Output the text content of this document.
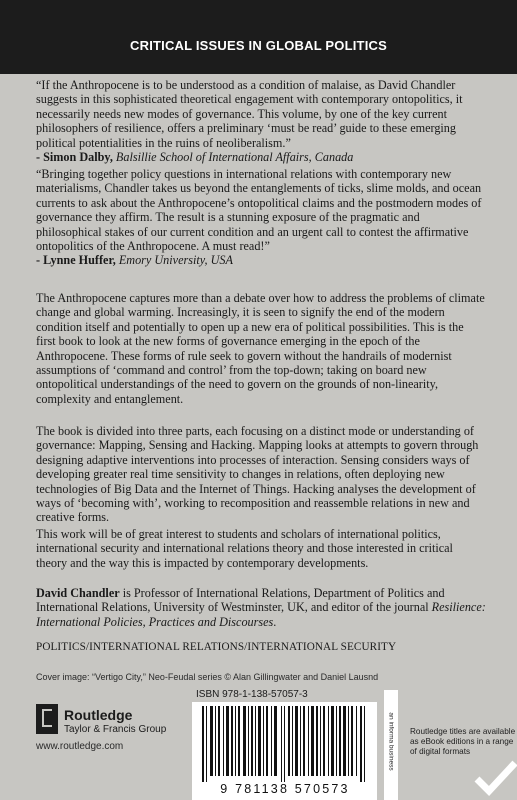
CRITICAL ISSUES IN GLOBAL POLITICS

“If the Anthropocene is to be understood as a condition of malaise, as David Chandler suggests in this sophisticated theoretical engagement with contemporary ontopolitics, it necessarily needs new modes of governance. This volume, by one of the key current philosophers of resilience, offers a preliminary ‘must be read’ guide to these emerging political potentialities in the ruins of neoliberalism.”

- Simon Dalby, Balsillie School of International Affairs, Canada

“Bringing together policy questions in international relations with contemporary new materialisms, Chandler takes us beyond the entanglements of ticks, slime molds, and ocean currents to ask about the Anthropocene’s ontopolitical claims and the postmodern modes of governance they affirm. The result is a stunning exposure of the pragmatic and philosophical stakes of our current condition and an urgent call to contest the affirmative ontopolitics of the Anthropocene. A must read!”

- Lynne Huffer, Emory University, USA

The Anthropocene captures more than a debate over how to address the problems of climate change and global warming. Increasingly, it is seen to signify the end of the modern condition itself and potentially to open up a new era of political possibilities. This is the first book to look at the new forms of governance emerging in the epoch of the Anthropocene. These forms of rule seek to govern without the handrails of modernist assumptions of ‘command and control’ from the top-down; taking on board new ontopolitical understandings of the need to govern on the grounds of non-linearity, complexity and entanglement.
The book is divided into three parts, each focusing on a distinct mode or understanding of governance: Mapping, Sensing and Hacking. Mapping looks at attempts to govern through designing adaptive interventions into processes of interaction. Sensing considers ways of developing greater real time sensitivity to changes in relations, often deploying new technologies of Big Data and the Internet of Things. Hacking analyses the development of ways of ‘becoming with’, working to recomposition and reassemble relations in new and creative forms.
This work will be of great interest to students and scholars of international politics, international security and international relations theory and those interested in critical theory and the way this is impacted by contemporary developments.
David Chandler is Professor of International Relations, Department of Politics and International Relations, University of Westminster, UK, and editor of the journal Resilience: International Policies, Practices and Discourses.
POLITICS/INTERNATIONAL RELATIONS/INTERNATIONAL SECURITY
Cover image: “Vertigo City,” Neo-Feudal series © Alan Gillingwater and Daniel Lausnd
Routledge
Taylor & Francis Group
www.routledge.com
ISBN 978-1-138-57057-3
9 781138 570573
an informa business Routledge titles are available as eBook editions in a range of digital formats
